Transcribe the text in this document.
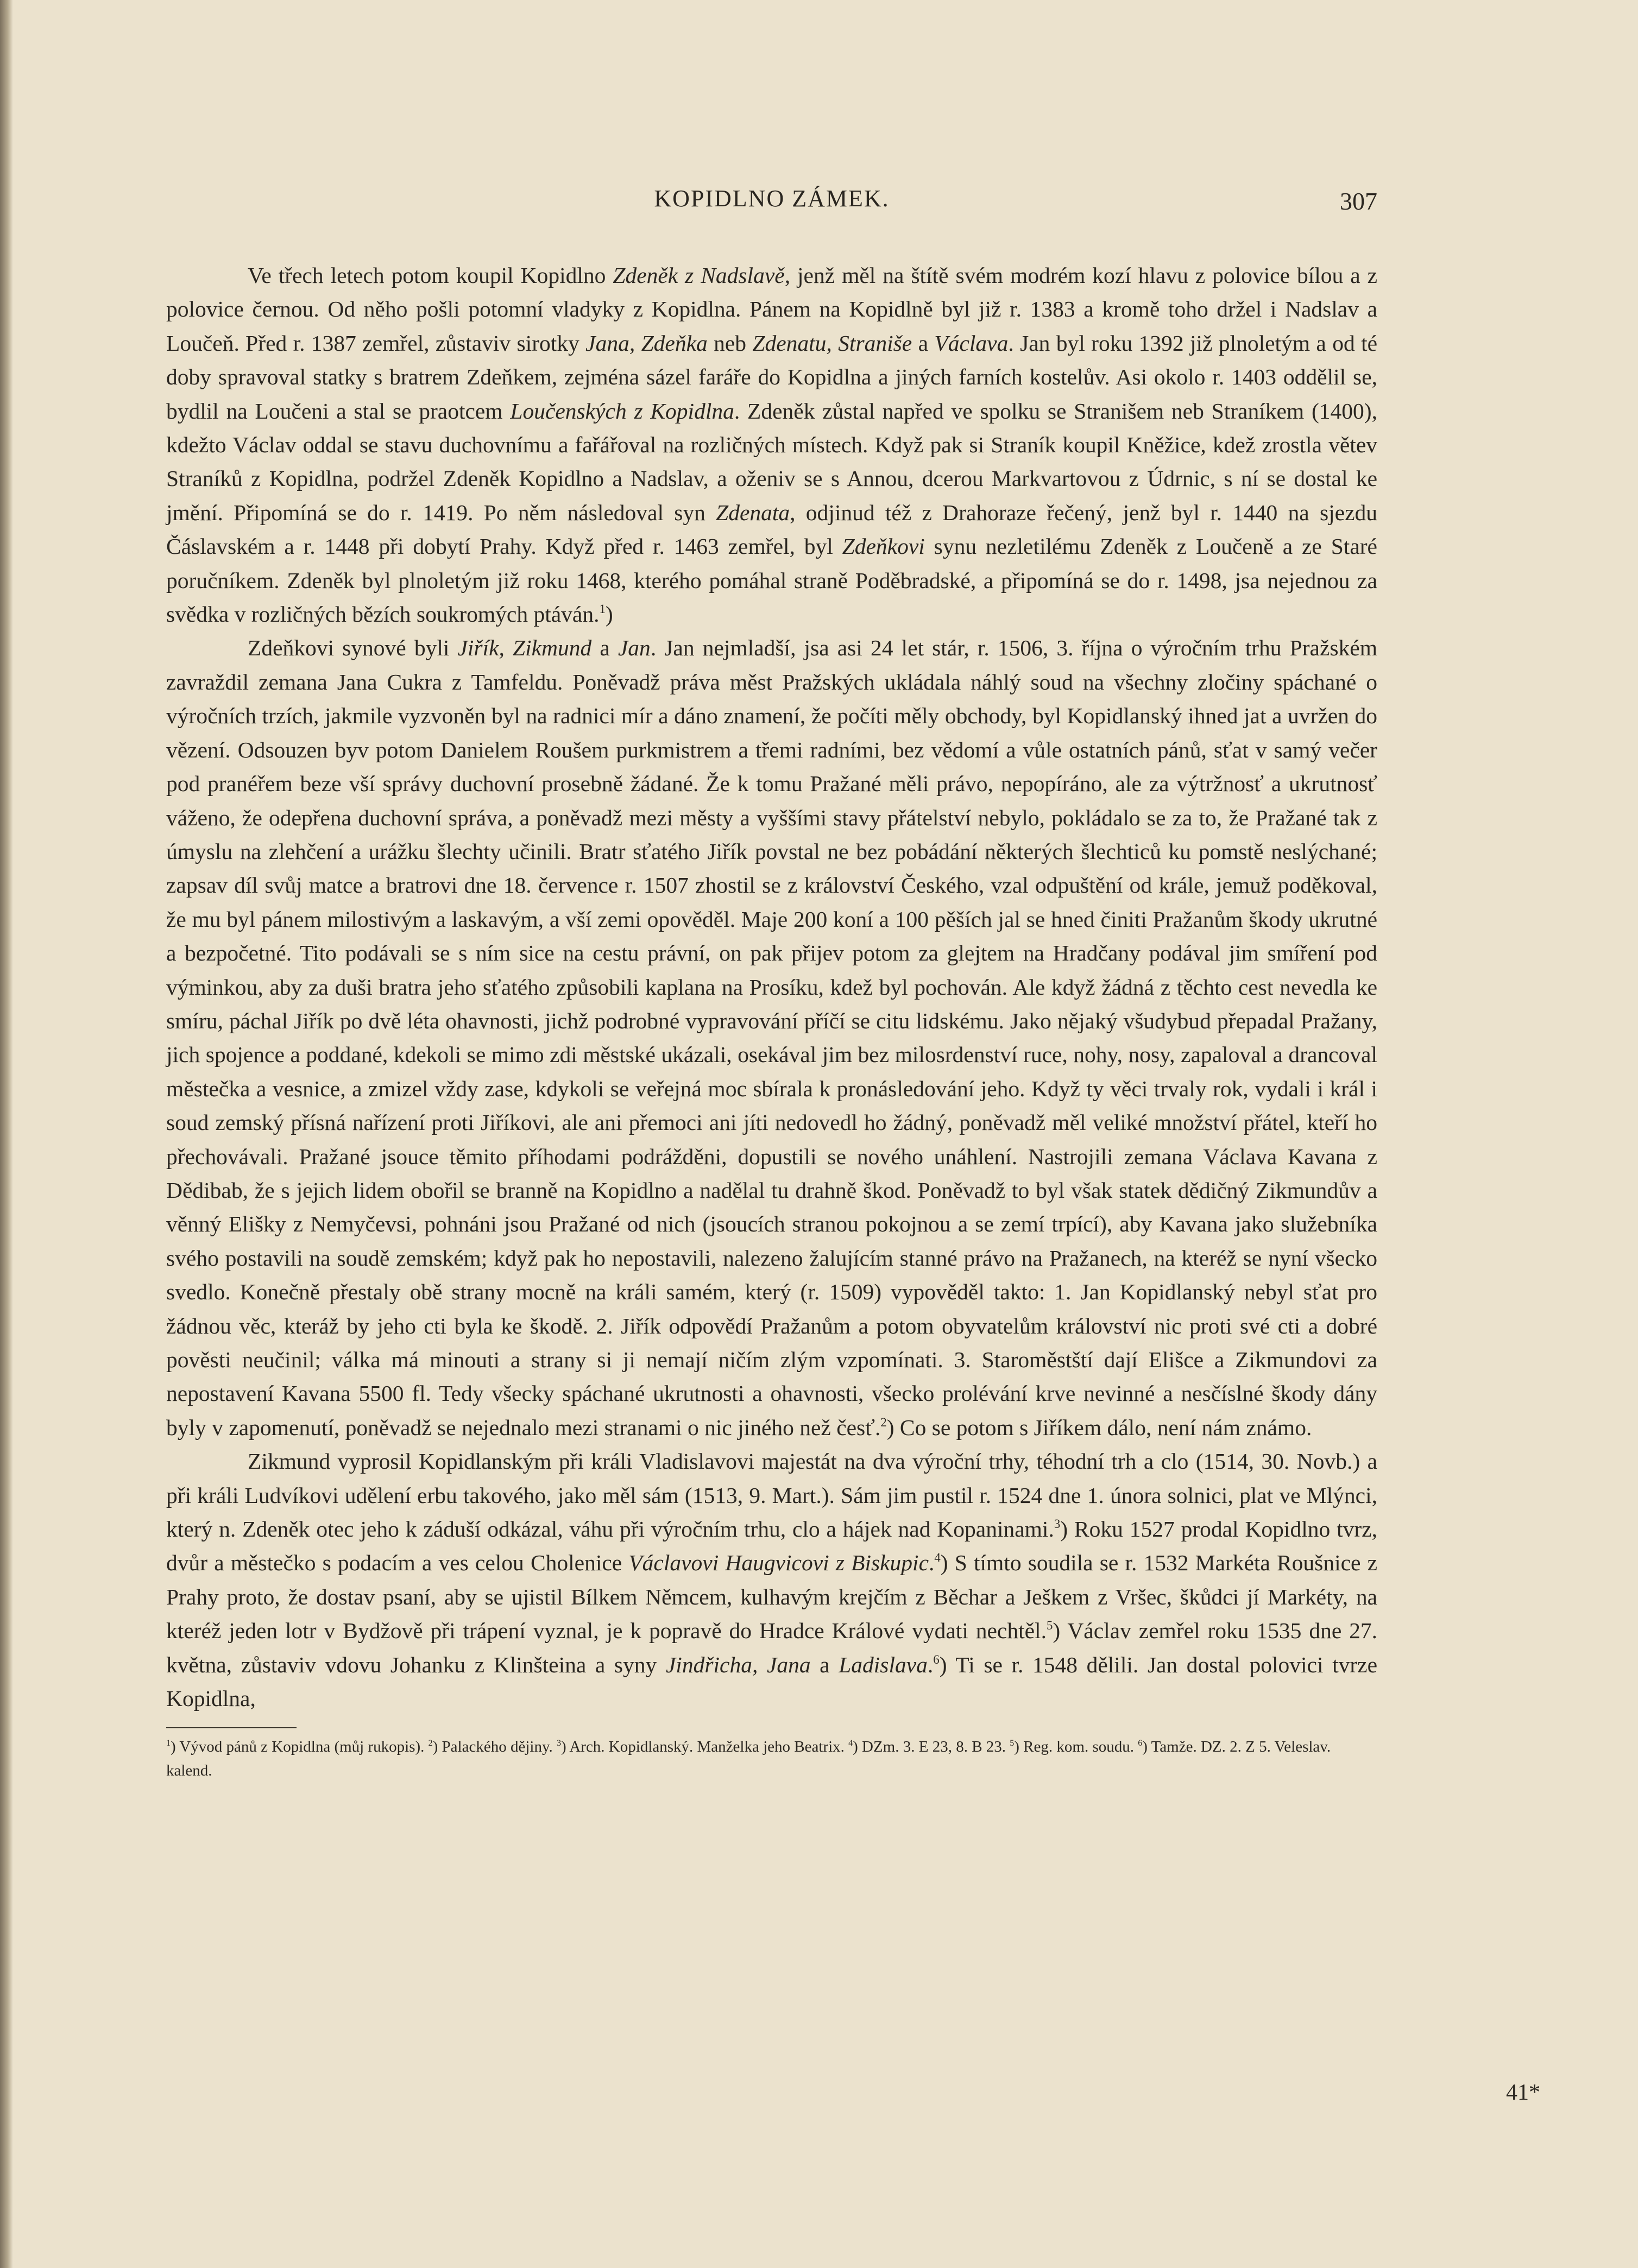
KOPIDLNO ZÁMEK.	307

Ve třech letech potom koupil Kopidlno Zdeněk z Nadslavě, jenž měl na štítě svém modrém kozí hlavu z polovice bílou a z polovice černou. Od něho pošli potomní vladyky z Kopidlna. Pánem na Kopidlně byl již r. 1383 a kromě toho držel i Nadslav a Loučeň. Před r. 1387 zemřel, zůstaviv sirotky Jana, Zdeňka neb Zdenatu, Straniše a Václava. Jan byl roku 1392 již plnoletým a od té doby spravoval statky s bratrem Zdeňkem, zejména sázel faráře do Kopidlna a jiných farních kostelův. Asi okolo r. 1403 oddělil se, bydlil na Loučeni a stal se praotcem Loučenských z Kopidlna. Zdeněk zůstal napřed ve spolku se Stranišem neb Straníkem (1400), kdežto Václav oddal se stavu duchovnímu a fařářoval na rozličných místech. Když pak si Straník koupil Kněžice, kdež zrostla větev Straníků z Kopidlna, podržel Zdeněk Kopidlno a Nadslav, a oženiv se s Annou, dcerou Markvartovou z Údrnic, s ní se dostal ke jmění. Připomíná se do r. 1419. Po něm následoval syn Zdenata, odjinud též z Drahoraze řečený, jenž byl r. 1440 na sjezdu Čáslavském a r. 1448 při dobytí Prahy. Když před r. 1463 zemřel, byl Zdeňkovi synu nezletilému Zdeněk z Loučeně a ze Staré poručníkem. Zdeněk byl plnoletým již roku 1468, kterého pomáhal straně Poděbradské, a připomíná se do r. 1498, jsa nejednou za svědka v rozličných bězích soukromých ptáván.$^1$)

Zdeňkovi synové byli Jiřík, Zikmund a Jan. Jan nejmladší, jsa asi 24 let stár, r. 1506, 3. října o výročním trhu Pražském zavraždil zemana Jana Cukra z Tamfeldu. Poněvadž práva měst Pražských ukládala náhlý soud na všechny zločiny spáchané o výročních trzích, jakmile vyzvoněn byl na radnici mír a dáno znamení, že počíti měly obchody, byl Kopidlanský ihned jat a uvržen do vězení. Odsouzen byv potom Danielem Roušem purkmistrem a třemi radními, bez vědomí a vůle ostatních pánů, sťat v samý večer pod pranéřem beze vší správy duchovní prosebně žádané. Že k tomu Pražané měli právo, nepopíráno, ale za výtržnosť a ukrutnosť váženo, že odepřena duchovní správa, a poněvadž mezi městy a vyššími stavy přátelství nebylo, pokládalo se za to, že Pražané tak z úmyslu na zlehčení a urážku šlechty učinili. Bratr sťatého Jiřík povstal ne bez pobádání některých šlechticů ku pomstě neslýchané; zapsav díl svůj matce a bratrovi dne 18. července r. 1507 zhostil se z království Českého, vzal odpuštění od krále, jemuž poděkoval, že mu byl pánem milostivým a laskavým, a vší zemi opověděl. Maje 200 koní a 100 pěších jal se hned činiti Pražanům škody ukrutné a bezpočetné. Tito podávali se s ním sice na cestu právní, on pak přijev potom za glejtem na Hradčany podával jim smíření pod výminkou, aby za duši bratra jeho sťatého způsobili kaplana na Prosíku, kdež byl pochován. Ale když žádná z těchto cest nevedla ke smíru, páchal Jiřík po dvě léta ohavnosti, jichž podrobné vypravování příčí se citu lidskému. Jako nějaký všudybud přepadal Pražany, jich spojence a poddané, kdekoli se mimo zdi městské ukázali, osekával jim bez milosrdenství ruce, nohy, nosy, zapaloval a drancoval městečka a vesnice, a zmizel vždy zase, kdykoli se veřejná moc sbírala k pronásledování jeho. Když ty věci trvaly rok, vydali i král i soud zemský přísná nařízení proti Jiříkovi, ale ani přemoci ani jíti nedovedl ho žádný, poněvadž měl veliké množství přátel, kteří ho přechovávali. Pražané jsouce těmito příhodami podrážděni, dopustili se nového unáhlení. Nastrojili zemana Václava Kavana z Dědibab, že s jejich lidem obořil se branně na Kopidlno a nadělal tu drahně škod. Poněvadž to byl však statek dědičný Zikmundův a věnný Elišky z Nemyčevsi, pohnáni jsou Pražané od nich (jsoucích stranou pokojnou a se zemí trpící), aby Kavana jako služebníka svého postavili na soudě zemském; když pak ho nepostavili, nalezeno žalujícím stanné právo na Pražanech, na kteréž se nyní všecko svedlo. Konečně přestaly obě strany mocně na králi samém, který (r. 1509) vypověděl takto: 1. Jan Kopidlanský nebyl sťat pro žádnou věc, kteráž by jeho cti byla ke škodě. 2. Jiřík odpovědí Pražanům a potom obyvatelům království nic proti své cti a dobré pověsti neučinil; válka má minouti a strany si ji nemají ničím zlým vzpomínati. 3. Staroměstští dají Elišce a Zikmundovi za nepostavení Kavana 5500 fl. Tedy všecky spáchané ukrutnosti a ohavnosti, všecko prolévání krve nevinné a nesčíslné škody dány byly v zapomenutí, poněvadž se nejednalo mezi stranami o nic jiného než česť.$^2$) Co se potom s Jiříkem dálo, není nám známo.

Zikmund vyprosil Kopidlanským při králi Vladislavovi majestát na dva výroční trhy, téhodní trh a clo (1514, 30. Novb.) a při králi Ludvíkovi udělení erbu takového, jako měl sám (1513, 9. Mart.). Sám jim pustil r. 1524 dne 1. února solnici, plat ve Mlýnci, který n. Zdeněk otec jeho k záduší odkázal, váhu při výročním trhu, clo a hájek nad Kopaninami.$^3$) Roku 1527 prodal Kopidlno tvrz, dvůr a městečko s podacím a ves celou Cholenice Václavovi Haugvicovi z Biskupic.$^4$) S tímto soudila se r. 1532 Markéta Roušnice z Prahy proto, že dostav psaní, aby se ujistil Bílkem Němcem, kulhavým krejčím z Běchar a Ješkem z Vršec, škůdci jí Markéty, na kteréž jeden lotr v Bydžově při trápení vyznal, je k popravě do Hradce Králové vydati nechtěl.$^5$) Václav zemřel roku 1535 dne 27. května, zůstaviv vdovu Johanku z Klinšteina a syny Jindřicha, Jana a Ladislava.$^6$) Ti se r. 1548 dělili. Jan dostal polovici tvrze Kopidlna,

$^1$) Vývod pánů z Kopidlna (můj rukopis). $^2$) Palackého dějiny. $^3$) Arch. Kopidlanský. Manželka jeho Beatrix. $^4$) DZm. 3. E 23, 8. B 23. $^5$) Reg. kom. soudu. $^6$) Tamže. DZ. 2. Z 5. Veleslav. kalend.
41*
